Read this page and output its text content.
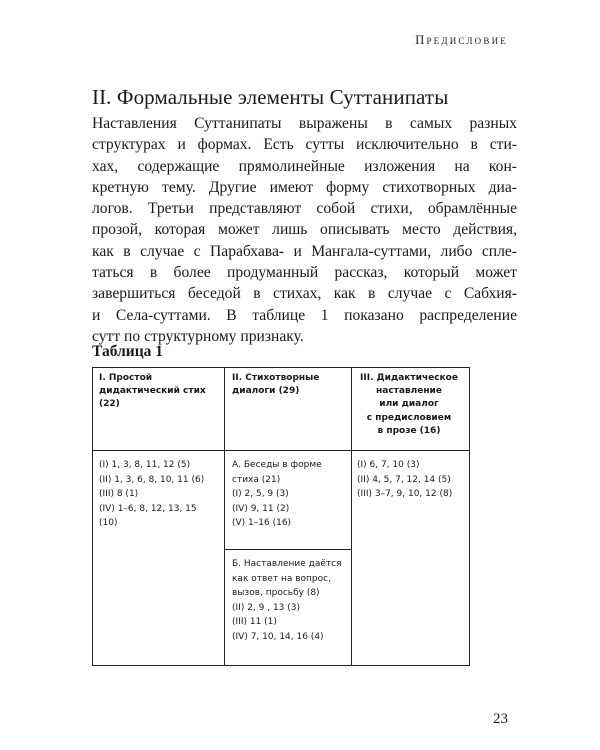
Предисловие
II. Формальные элементы Суттанипаты

Наставления Суттанипаты выражены в самых разных
структурах и формах. Есть сутты исключительно в сти-
хах, содержащие прямолинейные изложения на кон-
кретную тему. Другие имеют форму стихотворных диа-
логов. Третьи представляют собой стихи, обрамлённые
прозой, которая может лишь описывать место действия,
как в случае с Парабхава- и Мангала-суттами, либо спле-
таться в более продуманный рассказ, который может
завершиться беседой в стихах, как в случае с Сабхия-
и Села-суттами. В таблице 1 показано распределение
сутт по структурному признаку.

Таблица 1
I. Простой
дидактический стих
(22)
II. Стихотворные
диалоги (29)
III. Дидактическое
наставление
или диалог
с предисловием
в прозе (16)
(I) 1, 3, 8, 11, 12 (5)
(II) 1, 3, 6, 8, 10, 11 (6)
(III) 8 (1)
(IV) 1–6, 8, 12, 13, 15
(10)
А. Беседы в форме
стиха (21)
(I) 2, 5, 9 (3)
(IV) 9, 11 (2)
(V) 1–16 (16)
Б. Наставление даётся
как ответ на вопрос,
вызов, просьбу (8)
(II) 2, 9 , 13 (3)
(III) 11 (1)
(IV) 7, 10, 14, 16 (4)
(I) 6, 7, 10 (3)
(II) 4, 5, 7, 12, 14 (5)
(III) 3–7, 9, 10, 12 (8)
23
